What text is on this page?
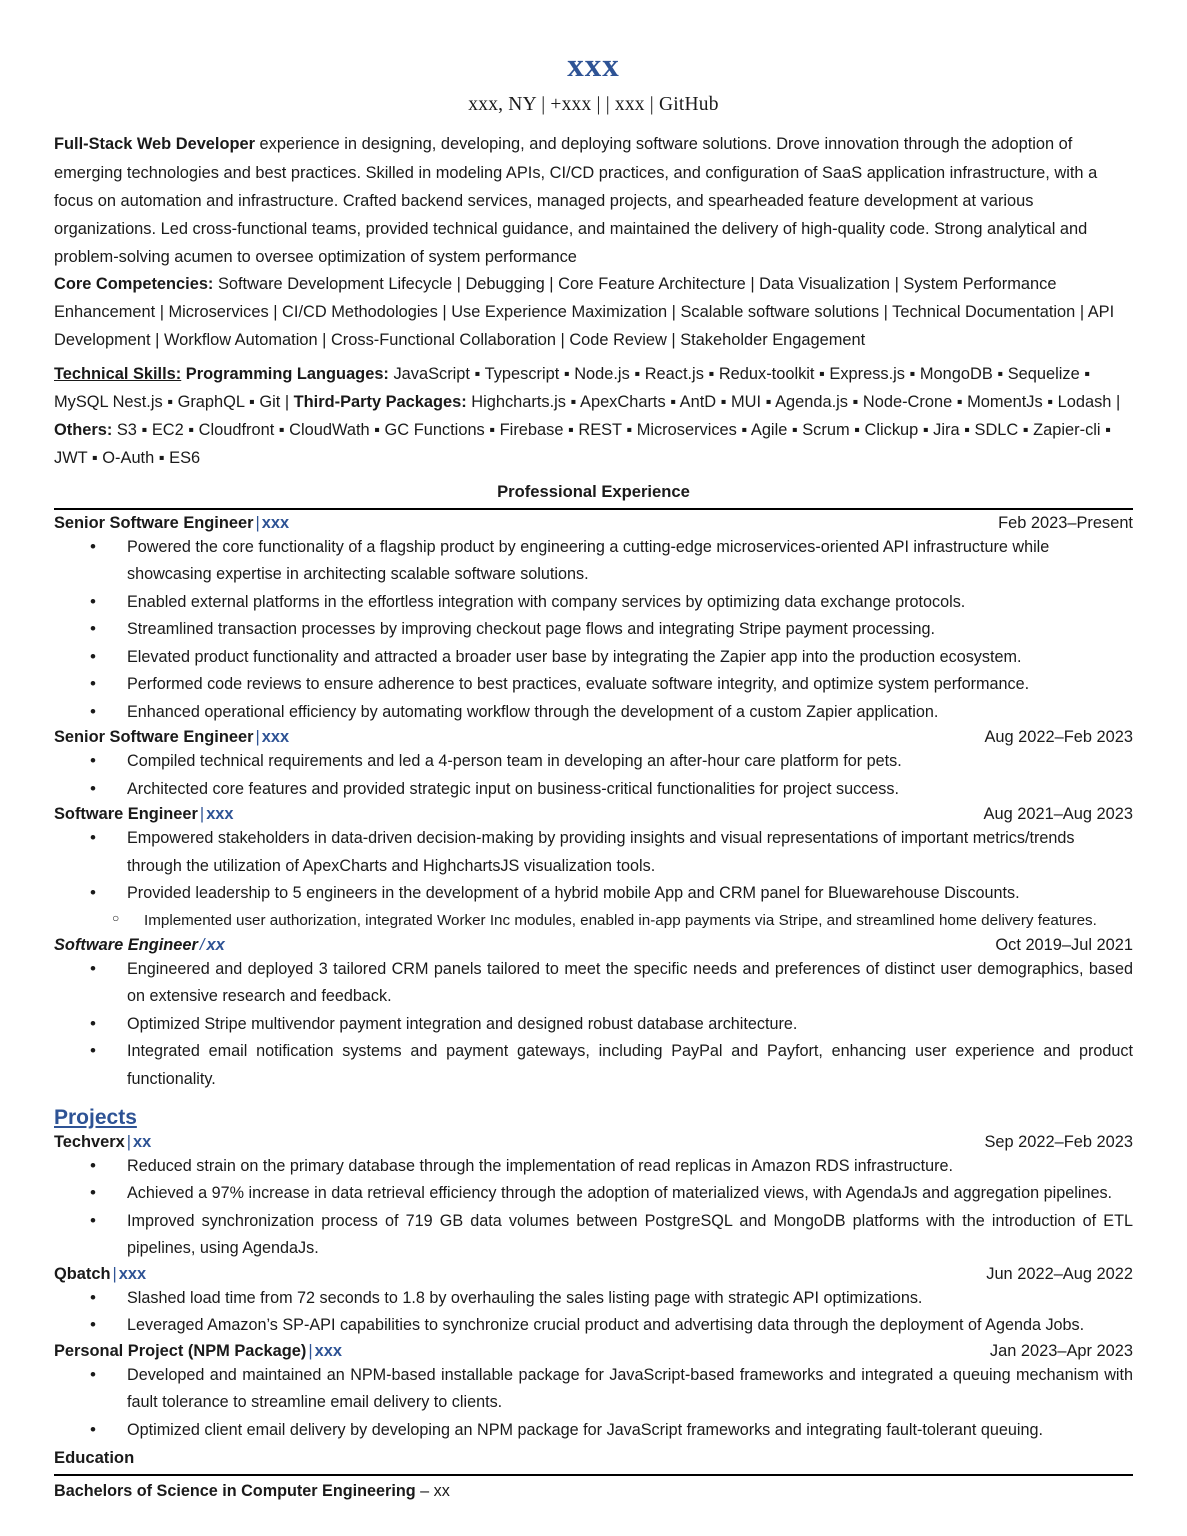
xxx
xxx, NY | +xxx | | xxx | GitHub

Full-Stack Web Developer experience in designing, developing, and deploying software solutions. Drove innovation through the adoption of emerging technologies and best practices. Skilled in modeling APIs, CI/CD practices, and configuration of SaaS application infrastructure, with a focus on automation and infrastructure. Crafted backend services, managed projects, and spearheaded feature development at various organizations. Led cross-functional teams, provided technical guidance, and maintained the delivery of high-quality code. Strong analytical and problem-solving acumen to oversee optimization of system performance

Core Competencies: Software Development Lifecycle | Debugging | Core Feature Architecture | Data Visualization | System Performance Enhancement | Microservices | CI/CD Methodologies | Use Experience Maximization | Scalable software solutions | Technical Documentation | API Development | Workflow Automation | Cross-Functional Collaboration | Code Review | Stakeholder Engagement

Technical Skills: Programming Languages: JavaScript ▪ Typescript ▪ Node.js ▪ React.js ▪ Redux-toolkit ▪ Express.js ▪ MongoDB ▪ Sequelize ▪ MySQL Nest.js ▪ GraphQL ▪ Git | Third-Party Packages: Highcharts.js ▪ ApexCharts ▪ AntD ▪ MUI ▪ Agenda.js ▪ Node-Crone ▪ MomentJs ▪ Lodash | Others: S3 ▪ EC2 ▪ Cloudfront ▪ CloudWath ▪ GC Functions ▪ Firebase ▪ REST ▪ Microservices ▪ Agile ▪ Scrum ▪ Clickup ▪ Jira ▪ SDLC ▪ Zapier-cli ▪ JWT ▪ O-Auth ▪ ES6

Professional Experience
Senior Software Engineer | xxx	Feb 2023–Present
• Powered the core functionality of a flagship product by engineering a cutting-edge microservices-oriented API infrastructure while showcasing expertise in architecting scalable software solutions.
• Enabled external platforms in the effortless integration with company services by optimizing data exchange protocols.
• Streamlined transaction processes by improving checkout page flows and integrating Stripe payment processing.
• Elevated product functionality and attracted a broader user base by integrating the Zapier app into the production ecosystem.
• Performed code reviews to ensure adherence to best practices, evaluate software integrity, and optimize system performance.
• Enhanced operational efficiency by automating workflow through the development of a custom Zapier application.
Senior Software Engineer | xxx	Aug 2022–Feb 2023
• Compiled technical requirements and led a 4-person team in developing an after-hour care platform for pets.
• Architected core features and provided strategic input on business-critical functionalities for project success.
Software Engineer | xxx	Aug 2021–Aug 2023
• Empowered stakeholders in data-driven decision-making by providing insights and visual representations of important metrics/trends through the utilization of ApexCharts and HighchartsJS visualization tools.
• Provided leadership to 5 engineers in the development of a hybrid mobile App and CRM panel for Bluewarehouse Discounts.
○ Implemented user authorization, integrated Worker Inc modules, enabled in-app payments via Stripe, and streamlined home delivery features.
Software Engineer / xx	Oct 2019–Jul 2021
• Engineered and deployed 3 tailored CRM panels tailored to meet the specific needs and preferences of distinct user demographics, based on extensive research and feedback.
• Optimized Stripe multivendor payment integration and designed robust database architecture.
• Integrated email notification systems and payment gateways, including PayPal and Payfort, enhancing user experience and product functionality.
Projects
Techverx | xx	Sep 2022–Feb 2023
• Reduced strain on the primary database through the implementation of read replicas in Amazon RDS infrastructure.
• Achieved a 97% increase in data retrieval efficiency through the adoption of materialized views, with AgendaJs and aggregation pipelines.
• Improved synchronization process of 719 GB data volumes between PostgreSQL and MongoDB platforms with the introduction of ETL pipelines, using AgendaJs.
Qbatch | xxx	Jun 2022–Aug 2022
• Slashed load time from 72 seconds to 1.8 by overhauling the sales listing page with strategic API optimizations.
• Leveraged Amazon’s SP-API capabilities to synchronize crucial product and advertising data through the deployment of Agenda Jobs.
Personal Project (NPM Package) | xxx	Jan 2023–Apr 2023
• Developed and maintained an NPM-based installable package for JavaScript-based frameworks and integrated a queuing mechanism with fault tolerance to streamline email delivery to clients.
• Optimized client email delivery by developing an NPM package for JavaScript frameworks and integrating fault-tolerant queuing.
Education
Bachelors of Science in Computer Engineering – xx
